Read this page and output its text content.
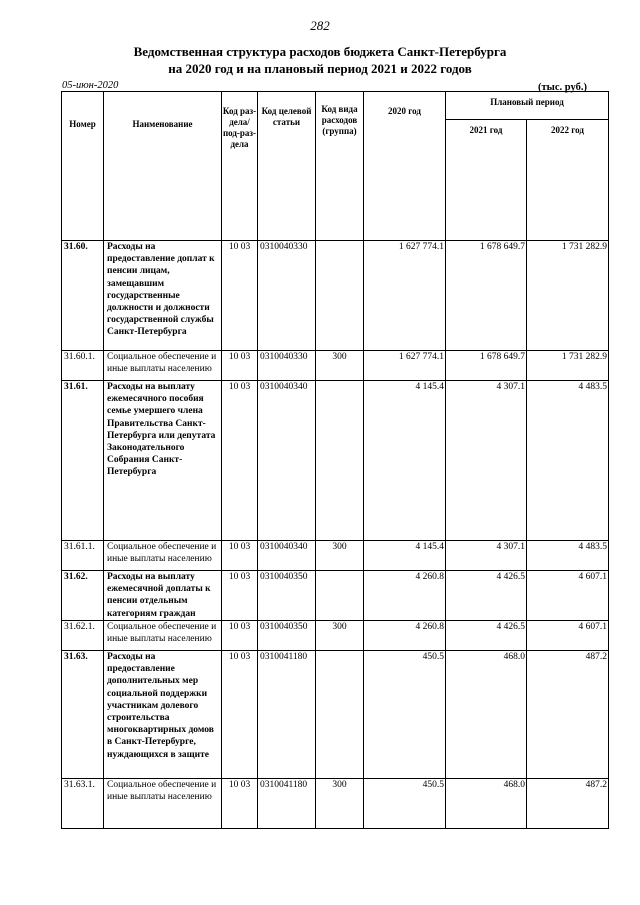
282
Ведомственная структура расходов бюджета Санкт-Петербурга
на 2020 год и на плановый период 2021 и 2022 годов
05-июн-2020	(тыс. руб.)
Номер	Наименование	Код раз-дела/ под-раз-дела	Код целевой статьи	Код вида расходов (группа)	2020 год	Плановый период	
						2021 год	2022 год
31.60.	Расходы на предоставление доплат к пенсии лицам, замещавшим государственные должности и должности государственной службы Санкт-Петербурга	10 03	0310040330		1 627 774.1	1 678 649.7	1 731 282.9
31.60.1.	Социальное обеспечение и иные выплаты населению	10 03	0310040330	300	1 627 774.1	1 678 649.7	1 731 282.9
31.61.	Расходы на выплату ежемесячного пособия семье умершего члена Правительства Санкт-Петербурга или депутата Законодательного Собрания Санкт-Петербурга	10 03	0310040340		4 145.4	4 307.1	4 483.5
31.61.1.	Социальное обеспечение и иные выплаты населению	10 03	0310040340	300	4 145.4	4 307.1	4 483.5
31.62.	Расходы на выплату ежемесячной доплаты к пенсии отдельным категориям граждан	10 03	0310040350		4 260.8	4 426.5	4 607.1
31.62.1.	Социальное обеспечение и иные выплаты населению	10 03	0310040350	300	4 260.8	4 426.5	4 607.1
31.63.	Расходы на предоставление дополнительных мер социальной поддержки участникам долевого строительства многоквартирных домов в Санкт-Петербурге, нуждающихся в защите	10 03	0310041180		450.5	468.0	487.2
31.63.1.	Социальное обеспечение и иные выплаты населению	10 03	0310041180	300	450.5	468.0	487.2
